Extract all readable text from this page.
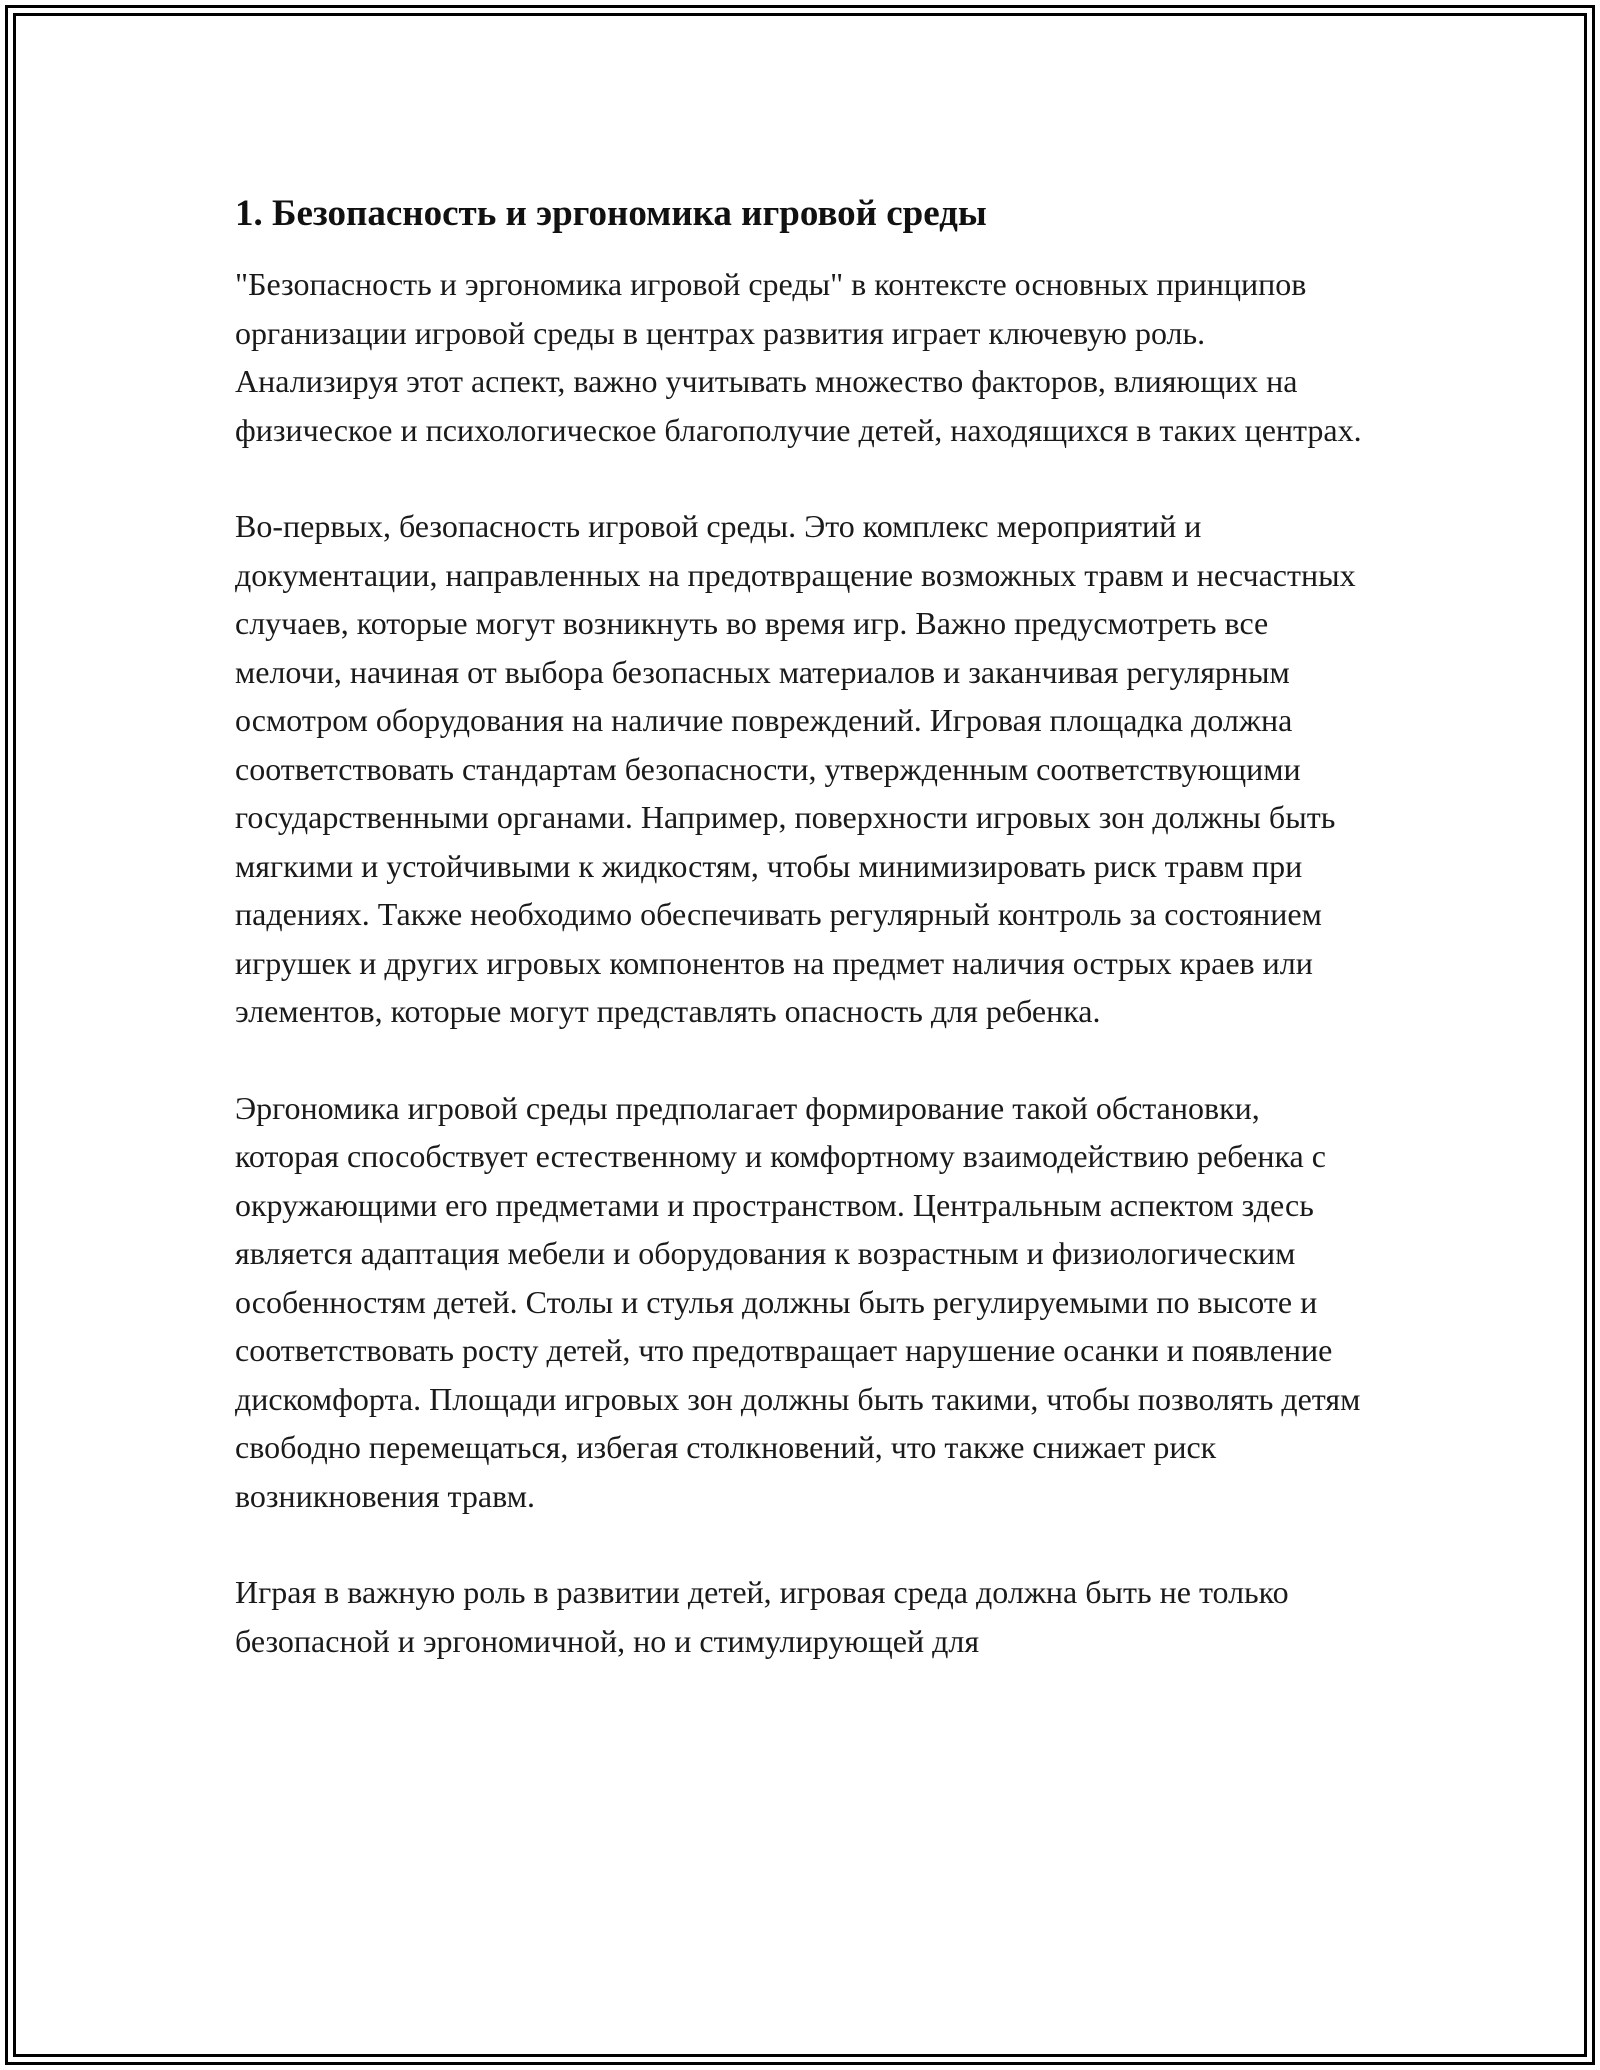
1. Безопасность и эргономика игровой среды

"Безопасность и эргономика игровой среды" в контексте основных принципов организации игровой среды в центрах развития играет ключевую роль. Анализируя этот аспект, важно учитывать множество факторов, влияющих на физическое и психологическое благополучие детей, находящихся в таких центрах.

Во-первых, безопасность игровой среды. Это комплекс мероприятий и документации, направленных на предотвращение возможных травм и несчастных случаев, которые могут возникнуть во время игр. Важно предусмотреть все мелочи, начиная от выбора безопасных материалов и заканчивая регулярным осмотром оборудования на наличие повреждений. Игровая площадка должна соответствовать стандартам безопасности, утвержденным соответствующими государственными органами. Например, поверхности игровых зон должны быть мягкими и устойчивыми к жидкостям, чтобы минимизировать риск травм при падениях. Также необходимо обеспечивать регулярный контроль за состоянием игрушек и других игровых компонентов на предмет наличия острых краев или элементов, которые могут представлять опасность для ребенка.

Эргономика игровой среды предполагает формирование такой обстановки, которая способствует естественному и комфортному взаимодействию ребенка с окружающими его предметами и пространством. Центральным аспектом здесь является адаптация мебели и оборудования к возрастным и физиологическим особенностям детей. Столы и стулья должны быть регулируемыми по высоте и соответствовать росту детей, что предотвращает нарушение осанки и появление дискомфорта. Площади игровых зон должны быть такими, чтобы позволять детям свободно перемещаться, избегая столкновений, что также снижает риск возникновения травм.

Играя в важную роль в развитии детей, игровая среда должна быть не только безопасной и эргономичной, но и стимулирующей для
